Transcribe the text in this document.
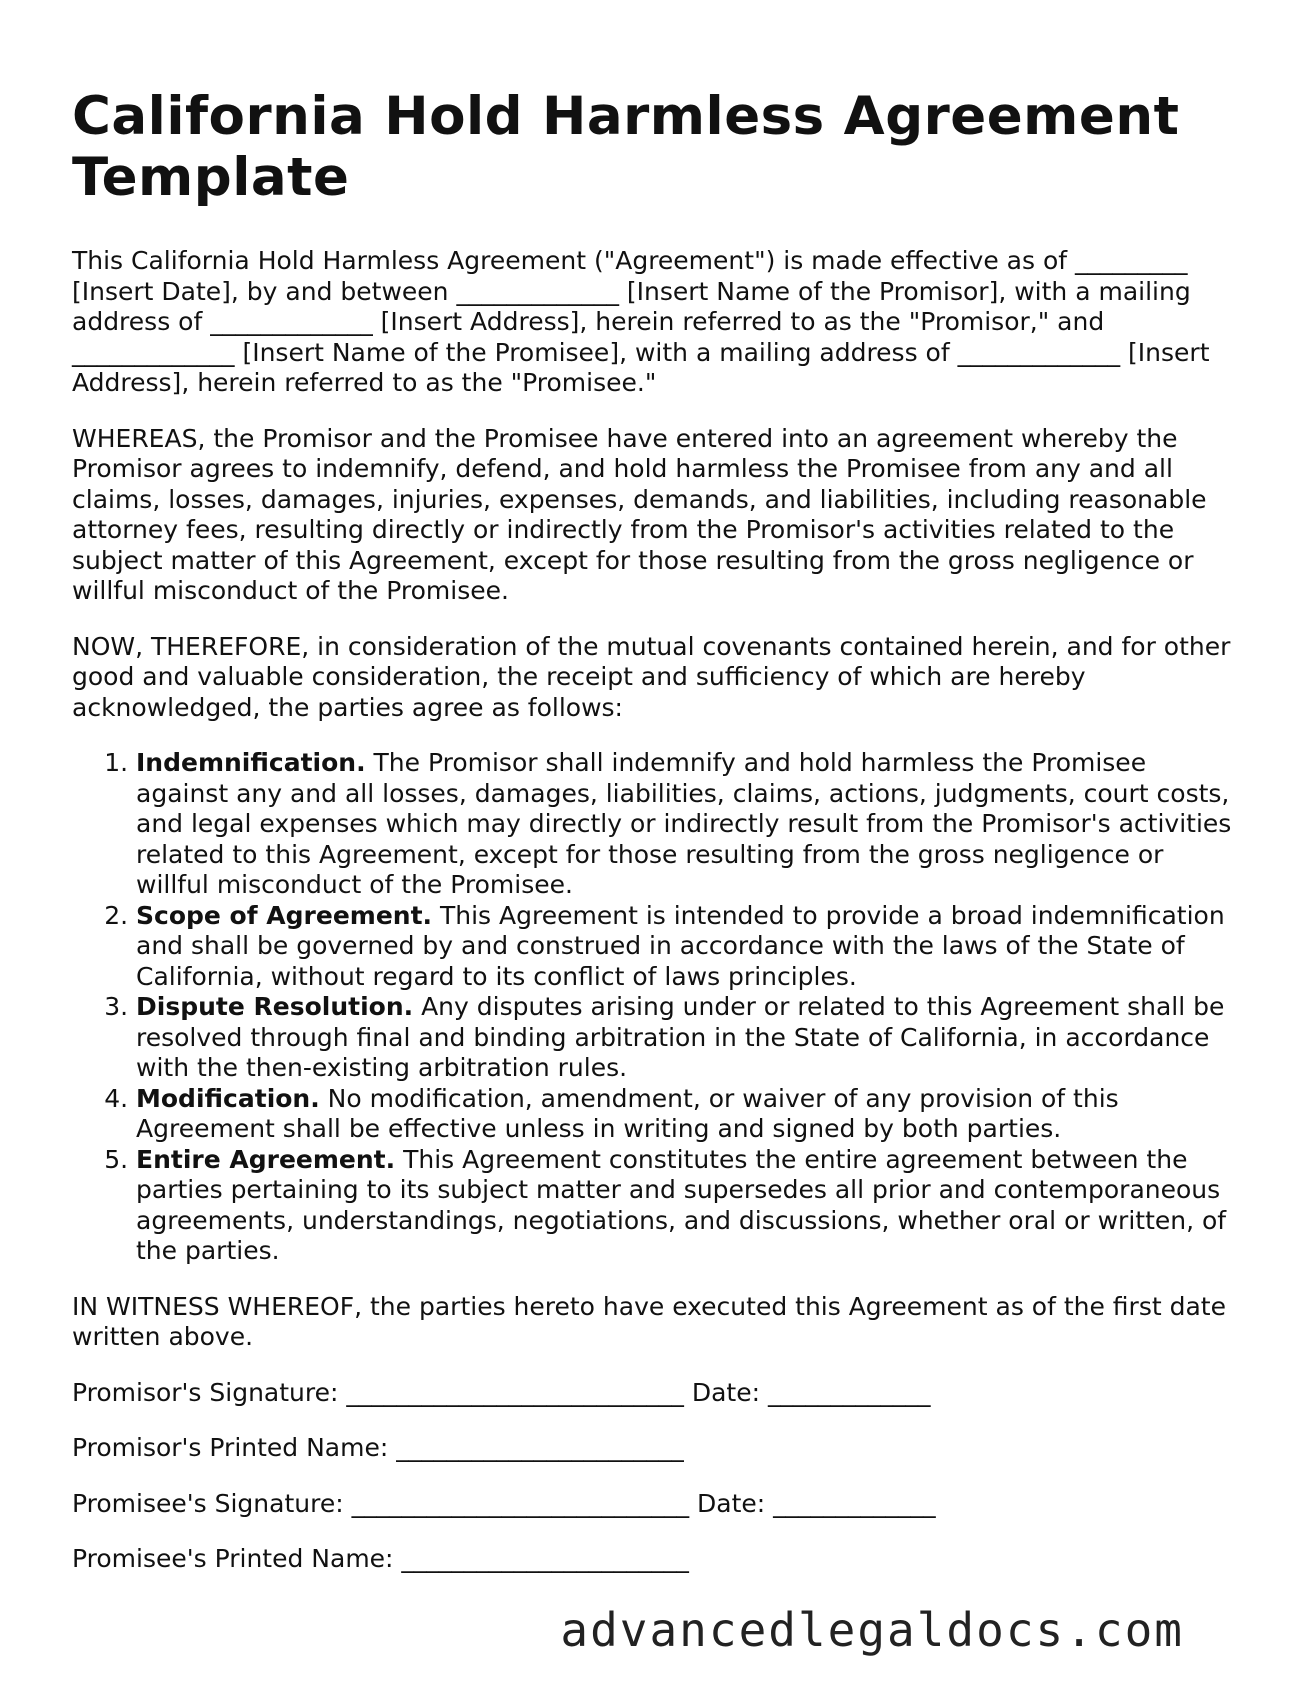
California Hold Harmless Agreement Template

This California Hold Harmless Agreement ("Agreement") is made effective as of _________ [Insert Date], by and between _____________ [Insert Name of the Promisor], with a mailing address of _____________ [Insert Address], herein referred to as the "Promisor," and _____________ [Insert Name of the Promisee], with a mailing address of _____________ [Insert Address], herein referred to as the "Promisee."

WHEREAS, the Promisor and the Promisee have entered into an agreement whereby the Promisor agrees to indemnify, defend, and hold harmless the Promisee from any and all claims, losses, damages, injuries, expenses, demands, and liabilities, including reasonable attorney fees, resulting directly or indirectly from the Promisor's activities related to the subject matter of this Agreement, except for those resulting from the gross negligence or willful misconduct of the Promisee.

NOW, THEREFORE, in consideration of the mutual covenants contained herein, and for other good and valuable consideration, the receipt and sufficiency of which are hereby acknowledged, the parties agree as follows:

1. Indemnification. The Promisor shall indemnify and hold harmless the Promisee against any and all losses, damages, liabilities, claims, actions, judgments, court costs, and legal expenses which may directly or indirectly result from the Promisor's activities related to this Agreement, except for those resulting from the gross negligence or willful misconduct of the Promisee.
2. Scope of Agreement. This Agreement is intended to provide a broad indemnification and shall be governed by and construed in accordance with the laws of the State of California, without regard to its conflict of laws principles.
3. Dispute Resolution. Any disputes arising under or related to this Agreement shall be resolved through final and binding arbitration in the State of California, in accordance with the then-existing arbitration rules.
4. Modification. No modification, amendment, or waiver of any provision of this Agreement shall be effective unless in writing and signed by both parties.
5. Entire Agreement. This Agreement constitutes the entire agreement between the parties pertaining to its subject matter and supersedes all prior and contemporaneous agreements, understandings, negotiations, and discussions, whether oral or written, of the parties.

IN WITNESS WHEREOF, the parties hereto have executed this Agreement as of the first date written above.

Promisor's Signature: ___________________________ Date: _____________
Promisor's Printed Name: _______________________
Promisee's Signature: ___________________________ Date: _____________
Promisee's Printed Name: _______________________
advancedlegaldocs.com
